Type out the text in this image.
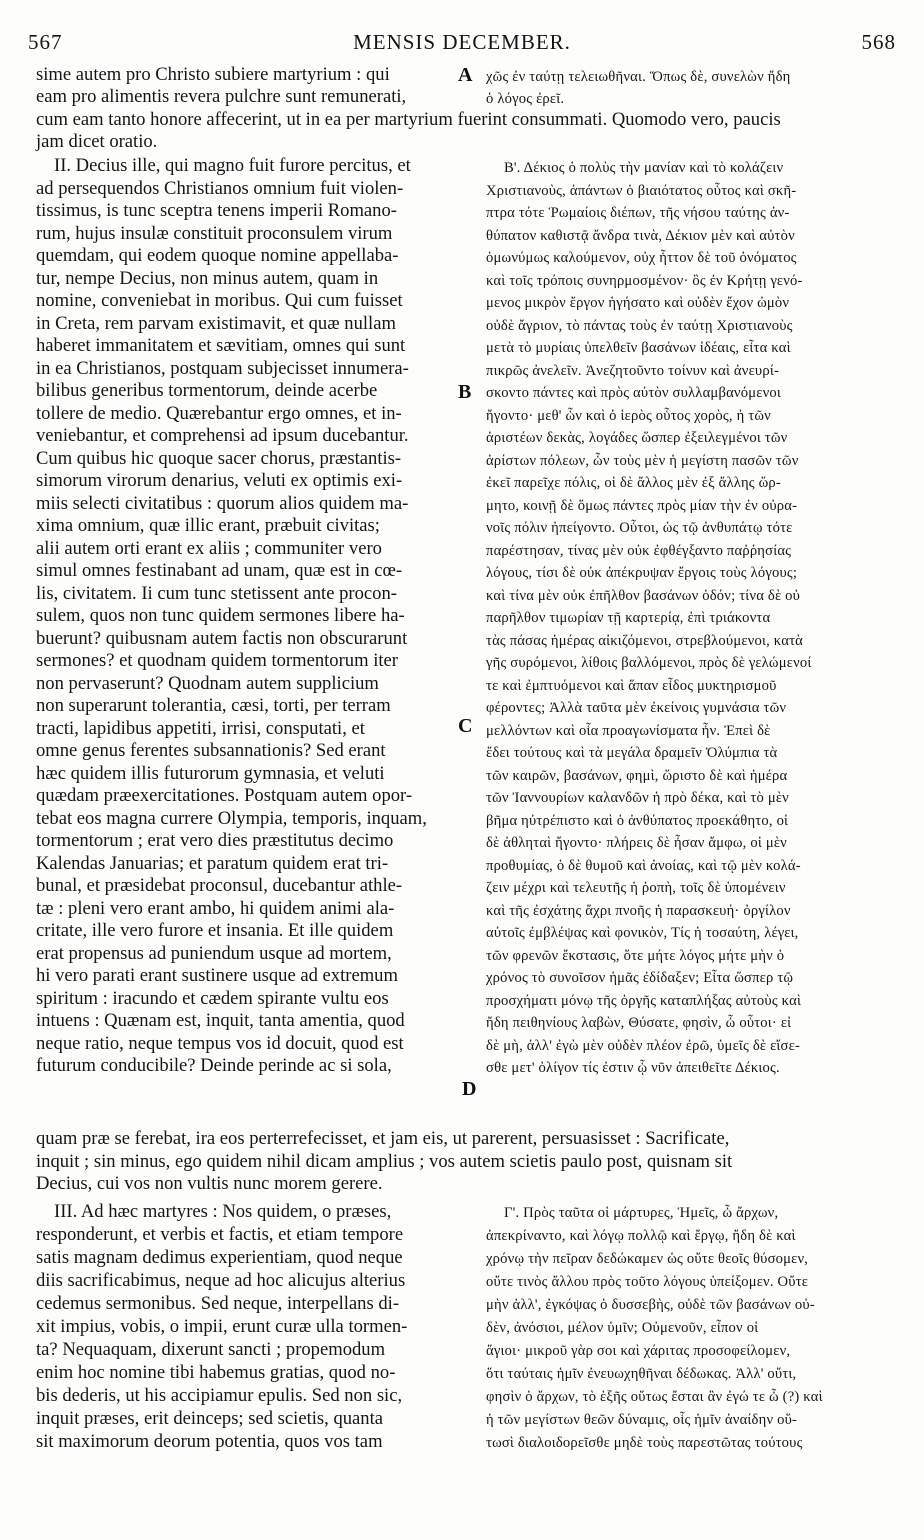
567	MENSIS DECEMBER.	568
sime autem pro Christo subiere martyrium : qui
eam pro alimentis revera pulchre sunt remunerati,
χῶς ἐν ταύτῃ τελειωθῆναι. Ὅπως δὲ, συνελὼν ἤδη
ὁ λόγος ἐρεῖ.
cum eam tanto honore affecerint, ut in ea per martyrium fuerint consummati. Quomodo vero, paucis
jam dicet oratio.
II. Decius ille, qui magno fuit furore percitus, et
ad persequendos Christianos omnium fuit violen-
tissimus, is tunc sceptra tenens imperii Romano-
rum, hujus insulæ constituit proconsulem virum
quemdam, qui eodem quoque nomine appellaba-
tur, nempe Decius, non minus autem, quam in
nomine, conveniebat in moribus. Qui cum fuisset
in Creta, rem parvam existimavit, et quæ nullam
haberet immanitatem et sævitiam, omnes qui sunt
in ea Christianos, postquam subjecisset innumera-
bilibus generibus tormentorum, deinde acerbe
tollere de medio. Quærebantur ergo omnes, et in-
veniebantur, et comprehensi ad ipsum ducebantur.
Cum quibus hic quoque sacer chorus, præstantis-
simorum virorum denarius, veluti ex optimis exi-
miis selecti civitatibus : quorum alios quidem ma-
xima omnium, quæ illic erant, præbuit civitas;
alii autem orti erant ex aliis ; communiter vero
simul omnes festinabant ad unam, quæ est in cœ-
lis, civitatem. Ii cum tunc stetissent ante procon-
sulem, quos non tunc quidem sermones libere ha-
buerunt? quibusnam autem factis non obscurarunt
sermones? et quodnam quidem tormentorum iter
non pervaserunt? Quodnam autem supplicium
non superarunt tolerantia, cæsi, torti, per terram
tracti, lapidibus appetiti, irrisi, consputati, et
omne genus ferentes subsannationis? Sed erant
hæc quidem illis futurorum gymnasia, et veluti
quædam præexercitationes. Postquam autem opor-
tebat eos magna currere Olympia, temporis, inquam,
tormentorum ; erat vero dies præstitutus decimo
Kalendas Januarias; et paratum quidem erat tri-
bunal, et præsidebat proconsul, ducebantur athle-
tæ : pleni vero erant ambo, hi quidem animi ala-
critate, ille vero furore et insania. Et ille quidem
erat propensus ad puniendum usque ad mortem,
hi vero parati erant sustinere usque ad extremum
spiritum : iracundo et cædem spirante vultu eos
intuens : Quænam est, inquit, tanta amentia, quod
neque ratio, neque tempus vos id docuit, quod est
futurum conducibile? Deinde perinde ac si sola,
Β'. Δέκιος ὁ πολὺς τὴν μανίαν καὶ τὸ κολάζειν
Χριστιανοὺς, ἁπάντων ὁ βιαιότατος οὗτος καὶ σκῆ-
πτρα τότε Ῥωμαίοις διέπων, τῆς νήσου ταύτης ἀν-
θύπατον καθιστᾷ ἄνδρα τινὰ, Δέκιον μὲν καὶ αὐτὸν
ὁμωνύμως καλούμενον, οὐχ ἧττον δὲ τοῦ ὀνόματος
καὶ τοῖς τρόποις συνηρμοσμένον· ὃς ἐν Κρήτῃ γενό-
μενος μικρὸν ἔργον ἡγήσατο καὶ οὐδὲν ἔχον ὠμὸν
οὐδὲ ἄγριον, τὸ πάντας τοὺς ἐν ταύτῃ Χριστιανοὺς
μετὰ τὸ μυρίαις ὑπελθεῖν βασάνων ἰδέαις, εἶτα καὶ
πικρῶς ἀνελεῖν. Ἀνεζητοῦντο τοίνυν καὶ ἀνευρί-
σκοντο πάντες καὶ πρὸς αὐτὸν συλλαμβανόμενοι
ἤγοντο· μεθ' ὧν καὶ ὁ ἱερὸς οὗτος χορὸς, ἡ τῶν
ἀριστέων δεκὰς, λογάδες ὥσπερ ἐξειλεγμένοι τῶν
ἀρίστων πόλεων, ὧν τοὺς μὲν ἡ μεγίστη πασῶν τῶν
ἐκεῖ παρεῖχε πόλις, οἱ δὲ ἄλλος μὲν ἐξ ἄλλης ὥρ-
μητο, κοινῇ δὲ ὅμως πάντες πρὸς μίαν τὴν ἐν οὐρα-
νοῖς πόλιν ἠπείγοντο. Οὗτοι, ὡς τῷ ἀνθυπάτῳ τότε
παρέστησαν, τίνας μὲν οὐκ ἐφθέγξαντο παῤῥησίας
λόγους, τίσι δὲ οὐκ ἀπέκρυψαν ἔργοις τοὺς λόγους;
καὶ τίνα μὲν οὐκ ἐπῆλθον βασάνων ὁδόν; τίνα δὲ οὐ
παρῆλθον τιμωρίαν τῇ καρτερίᾳ, ἐπὶ τριάκοντα
τὰς πάσας ἡμέρας αἰκιζόμενοι, στρεβλούμενοι, κατὰ
γῆς συρόμενοι, λίθοις βαλλόμενοι, πρὸς δὲ γελώμενοί
τε καὶ ἐμπτυόμενοι καὶ ἅπαν εἶδος μυκτηρισμοῦ
φέροντες; Ἀλλὰ ταῦτα μὲν ἐκείνοις γυμνάσια τῶν
μελλόντων καὶ οἷα προαγωνίσματα ἦν. Ἐπεὶ δὲ
ἔδει τούτους καὶ τὰ μεγάλα δραμεῖν Ὀλύμπια τὰ
τῶν καιρῶν, βασάνων, φημὶ, ὥριστο δὲ καὶ ἡμέρα
τῶν Ἰαννουρίων καλανδῶν ἡ πρὸ δέκα, καὶ τὸ μὲν
βῆμα ηὐτρέπιστο καὶ ὁ ἀνθύπατος προεκάθητο, οἱ
δὲ ἀθληταὶ ἤγοντο· πλήρεις δὲ ἦσαν ἄμφω, οἱ μὲν
προθυμίας, ὁ δὲ θυμοῦ καὶ ἀνοίας, καὶ τῷ μὲν κολά-
ζειν μέχρι καὶ τελευτῆς ἡ ῥοπὴ, τοῖς δὲ ὑπομένειν
καὶ τῆς ἐσχάτης ἄχρι πνοῆς ἡ παρασκευή· ὀργίλον
αὐτοῖς ἐμβλέψας καὶ φονικὸν, Τίς ἡ τοσαύτη, λέγει,
τῶν φρενῶν ἔκστασις, ὅτε μήτε λόγος μήτε μὴν ὁ
χρόνος τὸ συνοῖσον ἡμᾶς ἐδίδαξεν; Εἶτα ὥσπερ τῷ
προσχήματι μόνῳ τῆς ὀργῆς καταπλήξας αὐτοὺς καὶ
ἤδη πειθηνίους λαβὼν, Θύσατε, φησὶν, ὦ οὗτοι· εἰ
δὲ μὴ, ἀλλ' ἐγὼ μὲν οὐδὲν πλέον ἐρῶ, ὑμεῖς δὲ εἴσε-
σθε μετ' ὀλίγον τίς ἐστιν ᾧ νῦν ἀπειθεῖτε Δέκιος.
quam præ se ferebat, ira eos perterrefecisset, et jam eis, ut parerent, persuasisset : Sacrificate,
inquit ; sin minus, ego quidem nihil dicam amplius ; vos autem scietis paulo post, quisnam sit
Decius, cui vos non vultis nunc morem gerere.
III. Ad hæc martyres : Nos quidem, o præses,
responderunt, et verbis et factis, et etiam tempore
satis magnam dedimus experientiam, quod neque
diis sacrificabimus, neque ad hoc alicujus alterius
cedemus sermonibus. Sed neque, interpellans di-
xit impius, vobis, o impii, erunt curæ ulla tormen-
ta? Nequaquam, dixerunt sancti ; propemodum
enim hoc nomine tibi habemus gratias, quod no-
bis dederis, ut his accipiamur epulis. Sed non sic,
inquit præses, erit deinceps; sed scietis, quanta
sit maximorum deorum potentia, quos vos tam
Γ'. Πρὸς ταῦτα οἱ μάρτυρες, Ἡμεῖς, ὦ ἄρχων,
ἀπεκρίναντο, καὶ λόγῳ πολλῷ καὶ ἔργῳ, ἤδη δὲ καὶ
χρόνῳ τὴν πεῖραν δεδώκαμεν ὡς οὔτε θεοῖς θύσομεν,
οὔτε τινὸς ἄλλου πρὸς τοῦτο λόγους ὑπείξομεν. Οὔτε
μὴν ἀλλ', ἐγκόψας ὁ δυσσεβὴς, οὐδὲ τῶν βασάνων οὐ-
δὲν, ἀνόσιοι, μέλον ὑμῖν; Οὐμενοῦν, εἶπον οἱ
ἅγιοι· μικροῦ γὰρ σοι καὶ χάριτας προσοφείλομεν,
ὅτι ταύταις ἡμῖν ἐνευωχηθῆναι δέδωκας. Ἀλλ' οὔτι,
φησὶν ὁ ἄρχων, τὸ ἑξῆς οὕτως ἔσται ἂν ἐγώ τε ὦ (?) καὶ
ἡ τῶν μεγίστων θεῶν δύναμις, οἷς ἡμῖν ἀναίδην οὕ-
τωσὶ διαλοιδορεῖσθε μηδὲ τοὺς παρεστῶτας τούτους
A
B
C
D
